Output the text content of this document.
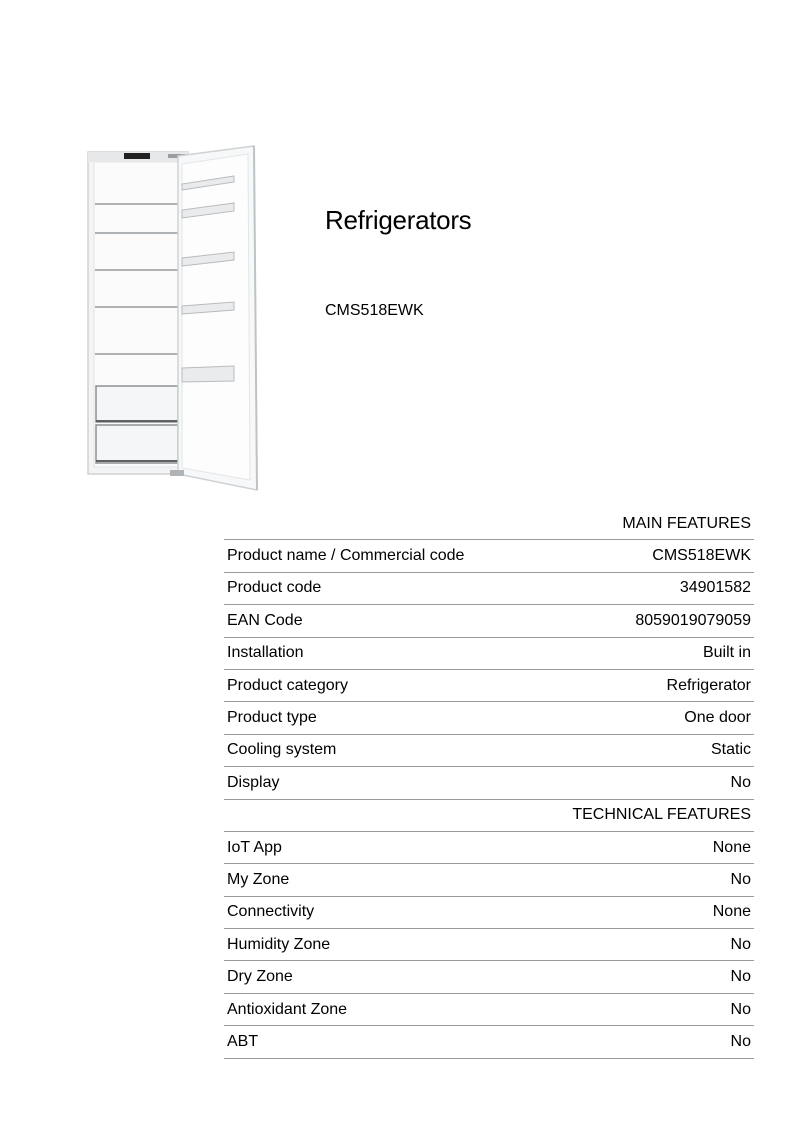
Refrigerators
CMS518EWK
MAIN FEATURES	
Product name / Commercial code	CMS518EWK
Product code	34901582
EAN Code	8059019079059
Installation	Built in
Product category	Refrigerator
Product type	One door
Cooling system	Static
Display	No
TECHNICAL FEATURES	
IoT App	None
My Zone	No
Connectivity	None
Humidity Zone	No
Dry Zone	No
Antioxidant Zone	No
ABT	No
